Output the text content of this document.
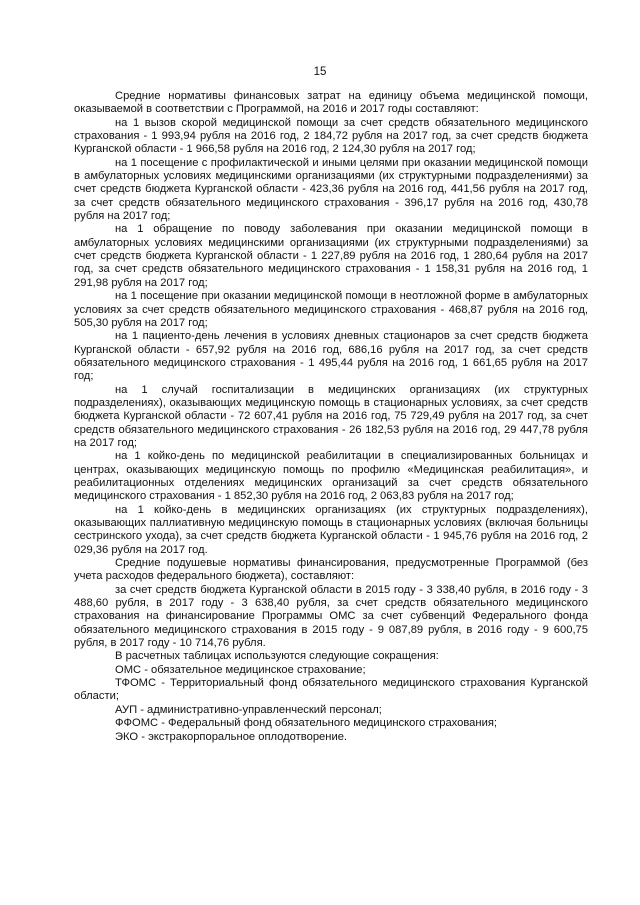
15

Средние нормативы финансовых затрат на единицу объема медицинской помощи, оказываемой в соответствии с Программой, на 2016 и 2017 годы составляют:

на 1 вызов скорой медицинской помощи за счет средств обязательного медицинского страхования - 1 993,94 рубля на 2016 год, 2 184,72 рубля на 2017 год, за счет средств бюджета Курганской области - 1 966,58 рубля на 2016 год, 2 124,30 рубля на 2017 год;

на 1 посещение с профилактической и иными целями при оказании медицинской помощи в амбулаторных условиях медицинскими организациями (их структурными подразделениями) за счет средств бюджета Курганской области - 423,36 рубля на 2016 год, 441,56 рубля на 2017 год, за счет средств обязательного медицинского страхования - 396,17 рубля на 2016 год, 430,78 рубля на 2017 год;

на 1 обращение по поводу заболевания при оказании медицинской помощи в амбулаторных условиях медицинскими организациями (их структурными подразделениями) за счет средств бюджета Курганской области - 1 227,89 рубля на 2016 год, 1 280,64 рубля на 2017 год, за счет средств обязательного медицинского страхования - 1 158,31 рубля на 2016 год, 1 291,98 рубля на 2017 год;

на 1 посещение при оказании медицинской помощи в неотложной форме в амбулаторных условиях за счет средств обязательного медицинского страхования - 468,87 рубля на 2016 год, 505,30 рубля на 2017 год;

на 1 пациенто-день лечения в условиях дневных стационаров за счет средств бюджета Курганской области - 657,92 рубля на 2016 год, 686,16 рубля на 2017 год, за счет средств обязательного медицинского страхования - 1 495,44 рубля на 2016 год, 1 661,65 рубля на 2017 год;

на 1 случай госпитализации в медицинских организациях (их структурных подразделениях), оказывающих медицинскую помощь в стационарных условиях, за счет средств бюджета Курганской области - 72 607,41 рубля на 2016 год, 75 729,49 рубля на 2017 год, за счет средств обязательного медицинского страхования - 26 182,53 рубля на 2016 год, 29 447,78 рубля на 2017 год;

на 1 койко-день по медицинской реабилитации в специализированных больницах и центрах, оказывающих медицинскую помощь по профилю «Медицинская реабилитация», и реабилитационных отделениях медицинских организаций за счет средств обязательного медицинского страхования - 1 852,30 рубля на 2016 год, 2 063,83 рубля на 2017 год;

на 1 койко-день в медицинских организациях (их структурных подразделениях), оказывающих паллиативную медицинскую помощь в стационарных условиях (включая больницы сестринского ухода), за счет средств бюджета Курганской области - 1 945,76 рубля на 2016 год, 2 029,36 рубля на 2017 год.

Средние подушевые нормативы финансирования, предусмотренные Программой (без учета расходов федерального бюджета), составляют:

за счет средств бюджета Курганской области в 2015 году - 3 338,40 рубля, в 2016 году - 3 488,60 рубля, в 2017 году - 3 638,40 рубля, за счет средств обязательного медицинского страхования на финансирование Программы ОМС за счет субвенций Федерального фонда обязательного медицинского страхования в 2015 году - 9 087,89 рубля, в 2016 году - 9 600,75 рубля, в 2017 году - 10 714,76 рубля.

В расчетных таблицах используются следующие сокращения:

ОМС - обязательное медицинское страхование;

ТФОМС - Территориальный фонд обязательного медицинского страхования Курганской области;

АУП - административно-управленческий персонал;

ФФОМС - Федеральный фонд обязательного медицинского страхования;

ЭКО - экстракорпоральное оплодотворение.
